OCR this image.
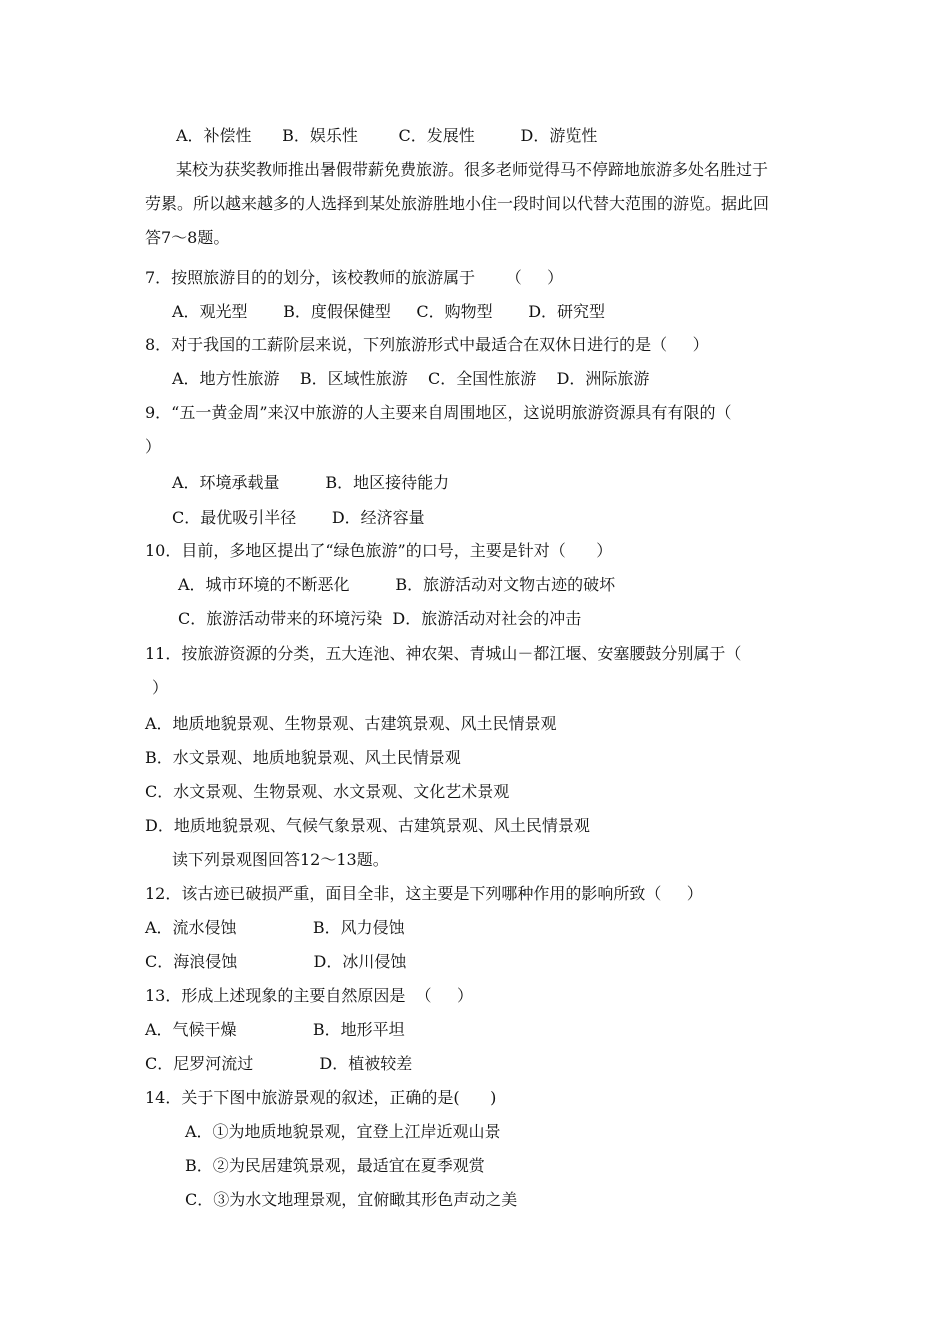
A．补偿性      B．娱乐性        C．发展性         D．游览性
某校为获奖教师推出暑假带薪免费旅游。很多老师觉得马不停蹄地旅游多处名胜过于
劳累。所以越来越多的人选择到某处旅游胜地小住一段时间以代替大范围的游览。据此回
答7～8题。
7．按照旅游目的的划分，该校教师的旅游属于      （     ）
A．观光型       B．度假保健型     C．购物型       D．研究型
8．对于我国的工薪阶层来说，下列旅游形式中最适合在双休日进行的是（     ）
A．地方性旅游    B．区域性旅游    C．全国性旅游    D．洲际旅游
9．“五一黄金周”来汉中旅游的人主要来自周围地区，这说明旅游资源具有有限的（
）
A．环境承载量         B．地区接待能力
C．最优吸引半径       D．经济容量
10．目前，多地区提出了“绿色旅游”的口号，主要是针对（      ）
A．城市环境的不断恶化         B．旅游活动对文物古迹的破坏
C．旅游活动带来的环境污染  D．旅游活动对社会的冲击
11．按旅游资源的分类，五大连池、神农架、青城山－都江堰、安塞腰鼓分别属于（
）
A．地质地貌景观、生物景观、古建筑景观、风土民情景观
B．水文景观、地质地貌景观、风土民情景观
C．水文景观、生物景观、水文景观、文化艺术景观
D．地质地貌景观、气候气象景观、古建筑景观、风土民情景观
读下列景观图回答12～13题。
12．该古迹已破损严重，面目全非，这主要是下列哪种作用的影响所致（     ）
A．流水侵蚀               B．风力侵蚀
C．海浪侵蚀               D．冰川侵蚀
13．形成上述现象的主要自然原因是  （     ）
A．气候干燥               B．地形平坦
C．尼罗河流过             D．植被较差
14．关于下图中旅游景观的叙述，正确的是(      )
A．①为地质地貌景观，宜登上江岸近观山景
B．②为民居建筑景观，最适宜在夏季观赏
C．③为水文地理景观，宜俯瞰其形色声动之美
